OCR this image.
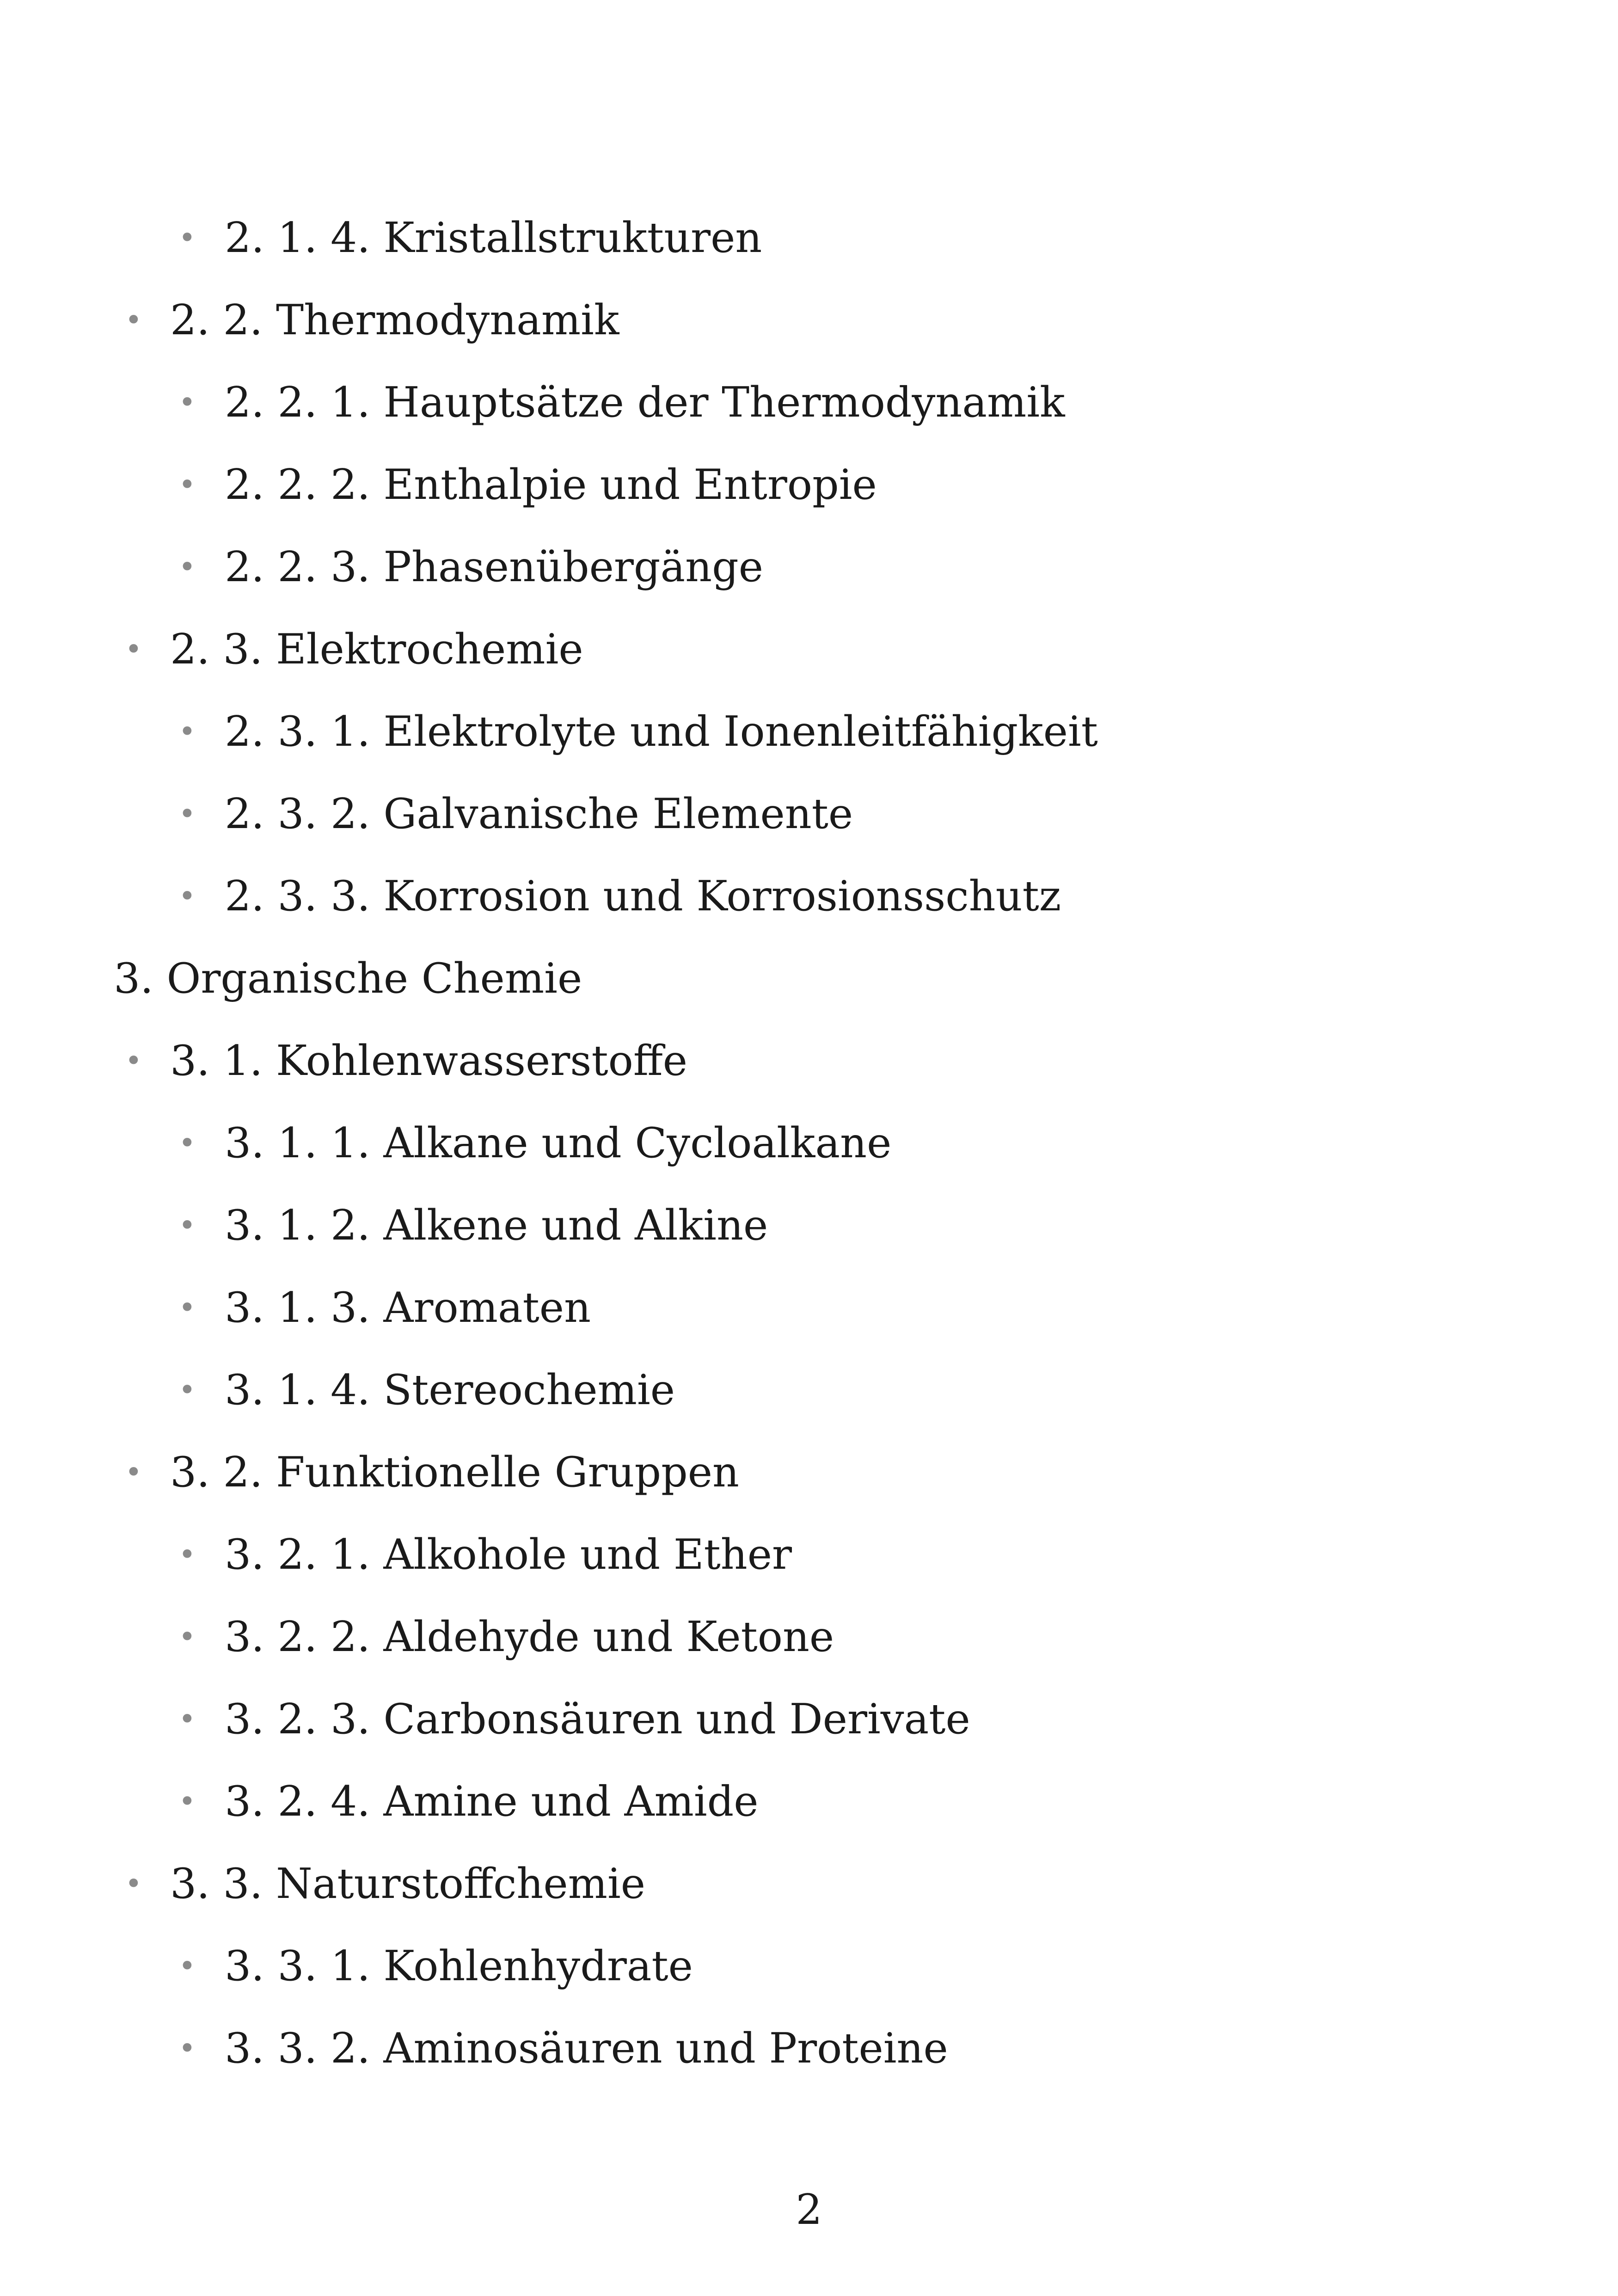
• 2. 1. 4. Kristallstrukturen
• 2. 2. Thermodynamik
• 2. 2. 1. Hauptsätze der Thermodynamik
• 2. 2. 2. Enthalpie und Entropie
• 2. 2. 3. Phasenübergänge
• 2. 3. Elektrochemie
• 2. 3. 1. Elektrolyte und Ionenleitfähigkeit
• 2. 3. 2. Galvanische Elemente
• 2. 3. 3. Korrosion und Korrosionsschutz
3. Organische Chemie
• 3. 1. Kohlenwasserstoffe
• 3. 1. 1. Alkane und Cycloalkane
• 3. 1. 2. Alkene und Alkine
• 3. 1. 3. Aromaten
• 3. 1. 4. Stereochemie
• 3. 2. Funktionelle Gruppen
• 3. 2. 1. Alkohole und Ether
• 3. 2. 2. Aldehyde und Ketone
• 3. 2. 3. Carbonsäuren und Derivate
• 3. 2. 4. Amine und Amide
• 3. 3. Naturstoffchemie
• 3. 3. 1. Kohlenhydrate
• 3. 3. 2. Aminosäuren und Proteine
2
